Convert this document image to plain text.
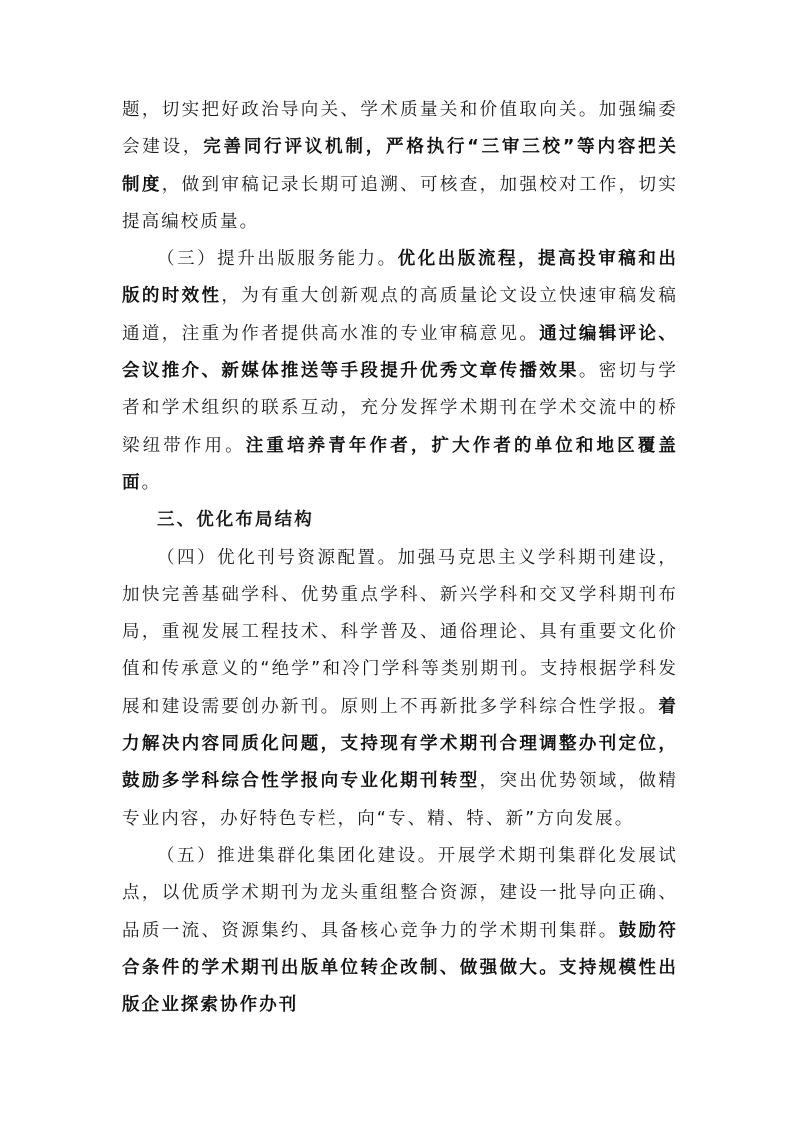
题，切实把好政治导向关、学术质量关和价值取向关。加强编委会建设，完善同行评议机制，严格执行“三审三校”等内容把关制度，做到审稿记录长期可追溯、可核查，加强校对工作，切实提高编校质量。

（三）提升出版服务能力。优化出版流程，提高投审稿和出版的时效性，为有重大创新观点的高质量论文设立快速审稿发稿通道，注重为作者提供高水准的专业审稿意见。通过编辑评论、会议推介、新媒体推送等手段提升优秀文章传播效果。密切与学者和学术组织的联系互动，充分发挥学术期刊在学术交流中的桥梁纽带作用。注重培养青年作者，扩大作者的单位和地区覆盖面。

三、优化布局结构

（四）优化刊号资源配置。加强马克思主义学科期刊建设，加快完善基础学科、优势重点学科、新兴学科和交叉学科期刊布局，重视发展工程技术、科学普及、通俗理论、具有重要文化价值和传承意义的“绝学”和冷门学科等类别期刊。支持根据学科发展和建设需要创办新刊。原则上不再新批多学科综合性学报。着力解决内容同质化问题，支持现有学术期刊合理调整办刊定位，鼓励多学科综合性学报向专业化期刊转型，突出优势领域，做精专业内容，办好特色专栏，向“专、精、特、新”方向发展。

（五）推进集群化集团化建设。开展学术期刊集群化发展试点，以优质学术期刊为龙头重组整合资源，建设一批导向正确、品质一流、资源集约、具备核心竞争力的学术期刊集群。鼓励符合条件的学术期刊出版单位转企改制、做强做大。支持规模性出版企业探索协作办刊
